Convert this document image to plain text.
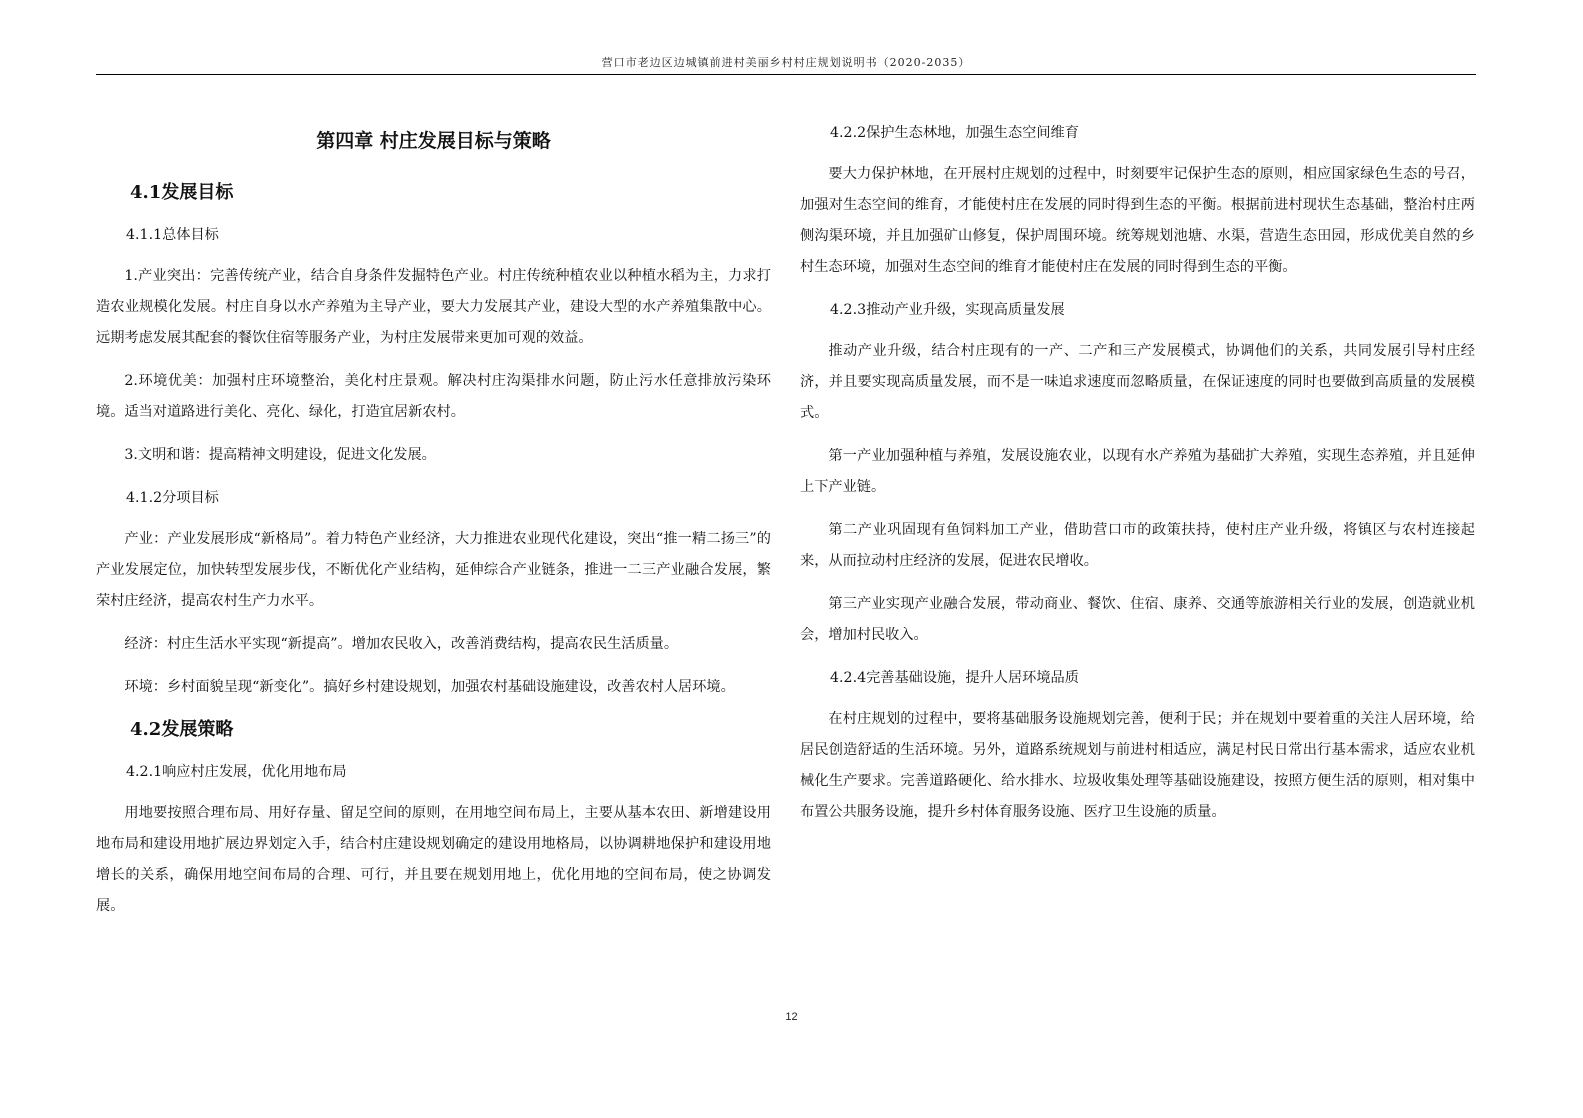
营口市老边区边城镇前进村美丽乡村村庄规划说明书（2020-2035）
第四章 村庄发展目标与策略
4.1发展目标
4.1.1总体目标

1.产业突出：完善传统产业，结合自身条件发掘特色产业。村庄传统种植农业以种植水稻为主，力求打造农业规模化发展。村庄自身以水产养殖为主导产业，要大力发展其产业，建设大型的水产养殖集散中心。远期考虑发展其配套的餐饮住宿等服务产业，为村庄发展带来更加可观的效益。

2.环境优美：加强村庄环境整治，美化村庄景观。解决村庄沟渠排水问题，防止污水任意排放污染环境。适当对道路进行美化、亮化、绿化，打造宜居新农村。

3.文明和谐：提高精神文明建设，促进文化发展。

4.1.2分项目标

产业：产业发展形成“新格局”。着力特色产业经济，大力推进农业现代化建设，突出“推一精二扬三”的产业发展定位，加快转型发展步伐，不断优化产业结构，延伸综合产业链条，推进一二三产业融合发展，繁荣村庄经济，提高农村生产力水平。

经济：村庄生活水平实现“新提高”。增加农民收入，改善消费结构，提高农民生活质量。

环境：乡村面貌呈现“新变化”。搞好乡村建设规划，加强农村基础设施建设，改善农村人居环境。

4.2发展策略
4.2.1响应村庄发展，优化用地布局

用地要按照合理布局、用好存量、留足空间的原则，在用地空间布局上，主要从基本农田、新增建设用地布局和建设用地扩展边界划定入手，结合村庄建设规划确定的建设用地格局，以协调耕地保护和建设用地增长的关系，确保用地空间布局的合理、可行，并且要在规划用地上，优化用地的空间布局，使之协调发展。

4.2.2保护生态林地，加强生态空间维育

要大力保护林地，在开展村庄规划的过程中，时刻要牢记保护生态的原则，相应国家绿色生态的号召，加强对生态空间的维育，才能使村庄在发展的同时得到生态的平衡。根据前进村现状生态基础，整治村庄两侧沟渠环境，并且加强矿山修复，保护周围环境。统筹规划池塘、水渠，营造生态田园，形成优美自然的乡村生态环境，加强对生态空间的维育才能使村庄在发展的同时得到生态的平衡。

4.2.3推动产业升级，实现高质量发展

推动产业升级，结合村庄现有的一产、二产和三产发展模式，协调他们的关系，共同发展引导村庄经济，并且要实现高质量发展，而不是一味追求速度而忽略质量，在保证速度的同时也要做到高质量的发展模式。

第一产业加强种植与养殖，发展设施农业，以现有水产养殖为基础扩大养殖，实现生态养殖，并且延伸上下产业链。

第二产业巩固现有鱼饲料加工产业，借助营口市的政策扶持，使村庄产业升级，将镇区与农村连接起来，从而拉动村庄经济的发展，促进农民增收。

第三产业实现产业融合发展，带动商业、餐饮、住宿、康养、交通等旅游相关行业的发展，创造就业机会，增加村民收入。

4.2.4完善基础设施，提升人居环境品质

在村庄规划的过程中，要将基础服务设施规划完善，便利于民；并在规划中要着重的关注人居环境，给居民创造舒适的生活环境。另外，道路系统规划与前进村相适应，满足村民日常出行基本需求，适应农业机械化生产要求。完善道路硬化、给水排水、垃圾收集处理等基础设施建设，按照方便生活的原则，相对集中布置公共服务设施，提升乡村体育服务设施、医疗卫生设施的质量。

12
